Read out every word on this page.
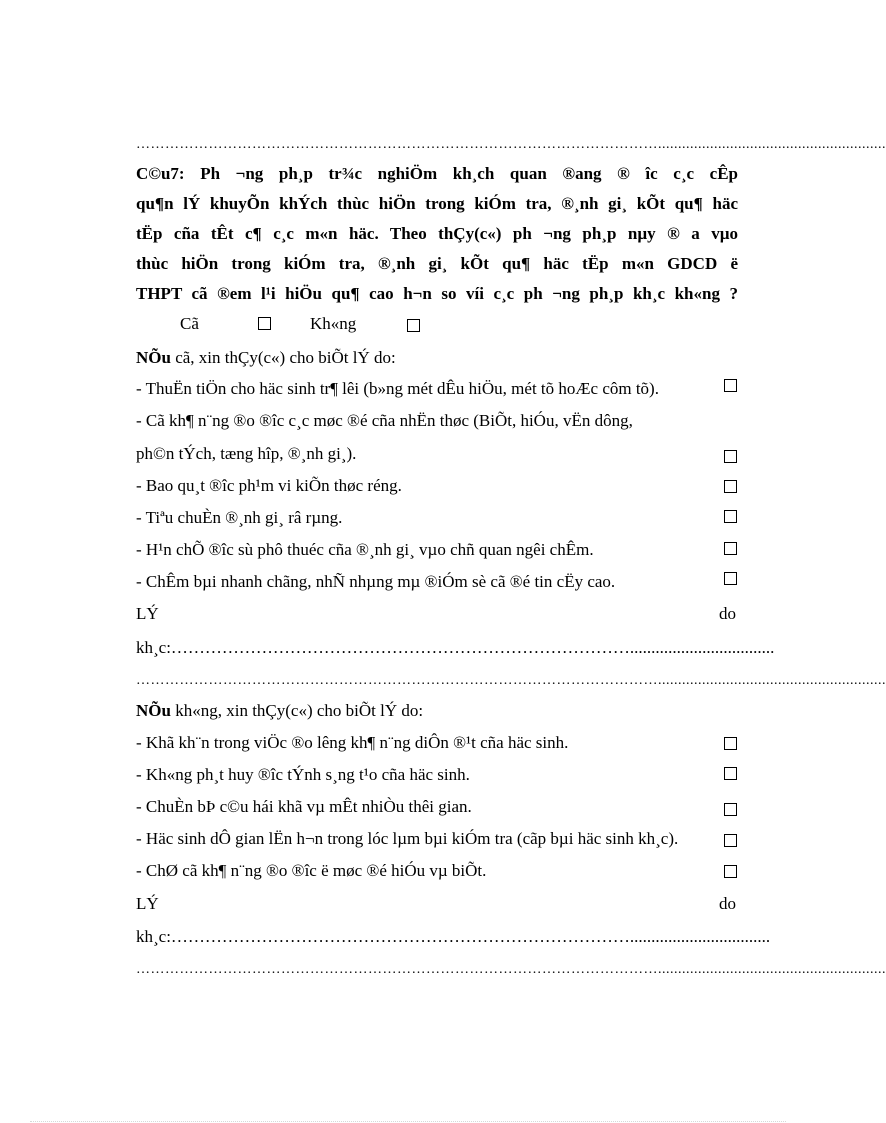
……………………………………………………………………………………………….........................................................
C©u7: Ph ¬ng ph¸p tr¾c nghiÖm kh¸ch quan ®ang ® îc c¸c cÊp
qu¶n lÝ khuyÕn khÝch thùc hiÖn trong kiÓm tra, ®¸nh gi¸ kÕt qu¶ häc
tËp cña tÊt c¶ c¸c m«n häc. Theo thÇy(c«) ph ¬ng ph¸p nµy ® a vµo
thùc hiÖn trong kiÓm tra, ®¸nh gi¸ kÕt qu¶ häc tËp m«n GDCD ë
THPT cã ®em l¹i hiÖu qu¶ cao h¬n so víi c¸c ph ¬ng ph¸p kh¸c kh«ng ?
Cã	Kh«ng
NÕu cã, xin thÇy(c«) cho biÕt lÝ do:
- ThuËn tiÖn cho häc sinh tr¶ lêi (b»ng mét dÊu hiÖu, mét tõ hoÆc côm tõ).
- Cã kh¶ n¨ng ®o ®îc c¸c møc ®é cña nhËn thøc (BiÕt, hiÓu, vËn dông,
ph©n tÝch, tæng hîp, ®¸nh gi¸).
- Bao qu¸t ®îc ph¹m vi kiÕn thøc réng.
- Tiªu chuÈn ®¸nh gi¸ râ rµng.
- H¹n chÕ ®îc sù phô thuéc cña ®¸nh gi¸ vµo chñ quan ngêi chÊm.
- ChÊm bµi nhanh chãng, nhÑ nhµng mµ ®iÓm sè cã ®é tin cËy cao.
LÝ	do
kh¸c:………………………………………………………………………..................................
……………………………………………………………………………………………….........................................................
NÕu kh«ng, xin thÇy(c«) cho biÕt lÝ do:
- Khã kh¨n trong viÖc ®o lêng kh¶ n¨ng diÔn ®¹t cña häc sinh.
- Kh«ng ph¸t huy ®îc tÝnh s¸ng t¹o cña häc sinh.
- ChuÈn bÞ c©u hái khã vµ mÊt nhiÒu thêi gian.
- Häc sinh dÔ gian lËn h¬n trong lóc lµm bµi kiÓm tra (cãp bµi häc sinh kh¸c).
- ChØ cã kh¶ n¨ng ®o ®îc ë møc ®é hiÓu vµ biÕt.
LÝ	do
kh¸c:……………………………………………………………………….................................
……………………………………………………………………………………………….........................................................
